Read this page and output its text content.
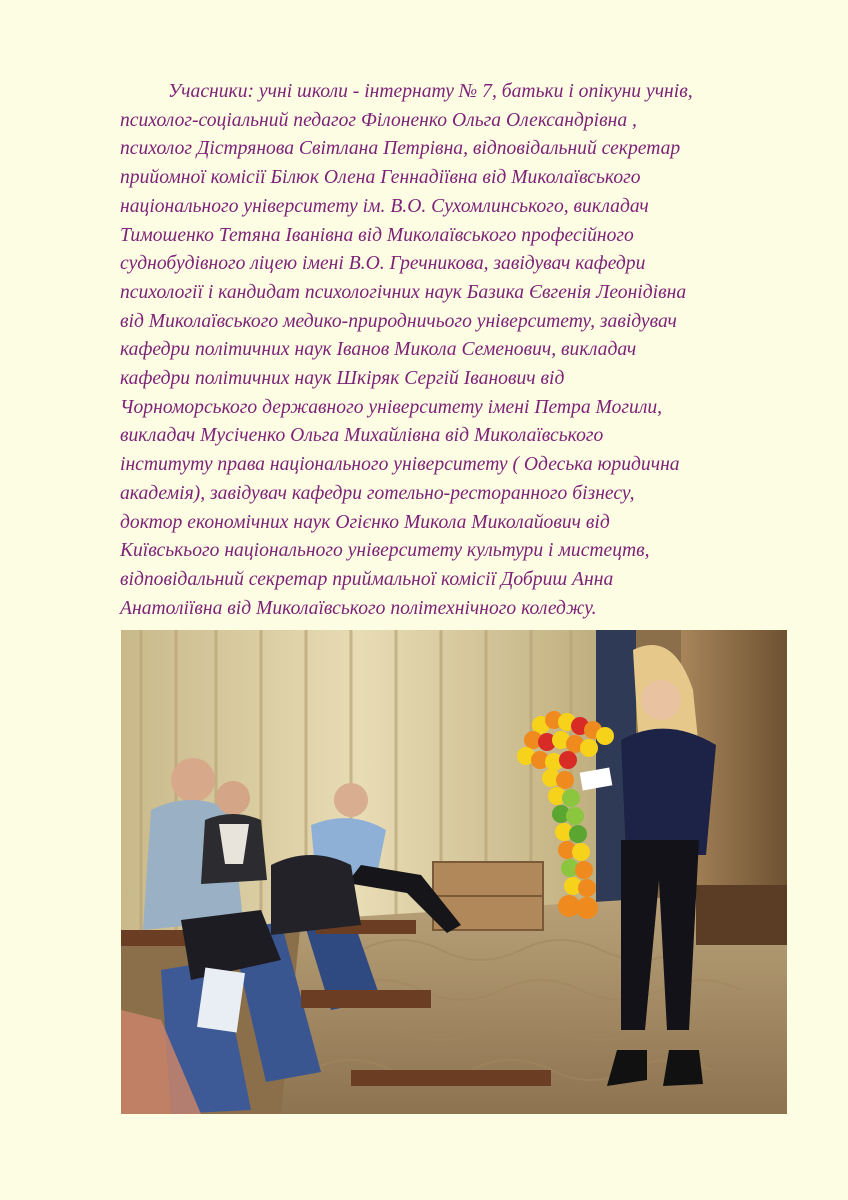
Учасники: учні школи - інтернату № 7, батьки і опікуни учнів,
психолог-соціальний педагог Філоненко Ольга Олександрівна ,
психолог Дістрянова Світлана Петрівна, відповідальний секретар
прийомної комісії Білюк Олена Геннадіївна від Миколаївського
національного університету ім. В.О. Сухомлинського, викладач
Тимошенко Тетяна Іванівна від Миколаївського професійного
суднобудівного ліцею імені В.О. Гречникова, завідувач кафедри
психології і кандидат психологічних наук Базика Євгенія Леонідівна
від Миколаївського медико-природничього університету, завідувач
кафедри політичних наук Іванов Микола Семенович, викладач
кафедри політичних наук Шкіряк Сергій Іванович від
Чорноморського державного університету імені Петра Могили,
викладач Мусіченко Ольга Михайлівна від Миколаївського
інституту права національного університету ( Одеська юридична
академія), завідувач кафедри готельно-ресторанного бізнесу,
доктор економічних наук Огієнко Микола Миколайович від
Київськього національного університету культури і мистецтв,
відповідальний секретар приймальної комісії Добриш Анна
Анатоліївна від Миколаївського політехнічного коледжу.
